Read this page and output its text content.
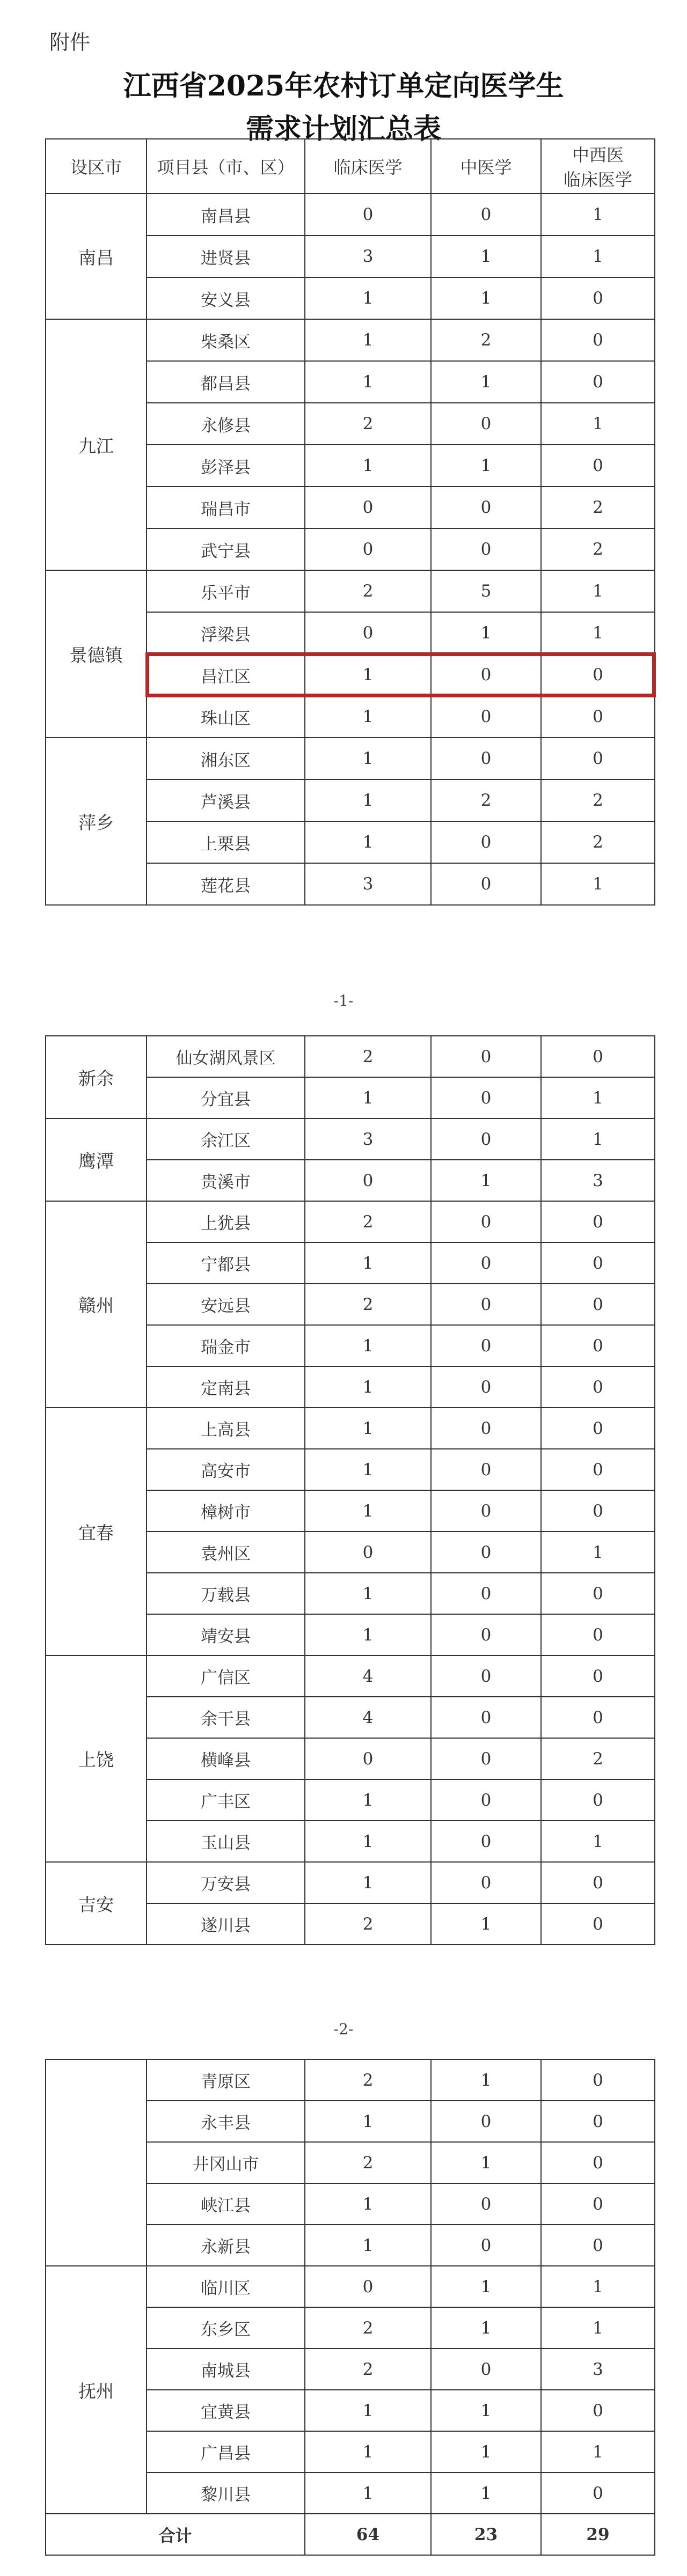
附件
江西省2025年农村订单定向医学生
需求计划汇总表
设区市	项目县（市、区）	临床医学	中医学	中西医
临床医学
南昌	南昌县	0	0	1
	进贤县	3	1	1
	安义县	1	1	0
九江	柴桑区	1	2	0
	都昌县	1	1	0
	永修县	2	0	1
	彭泽县	1	1	0
	瑞昌市	0	0	2
	武宁县	0	0	2
景德镇	乐平市	2	5	1
	浮梁县	0	1	1
	昌江区	1	0	0
	珠山区	1	0	0
萍乡	湘东区	1	0	0
	芦溪县	1	2	2
	上栗县	1	0	2
	莲花县	3	0	1
-1-
新余	仙女湖风景区	2	0	0
	分宜县	1	0	1
鹰潭	余江区	3	0	1
	贵溪市	0	1	3
赣州	上犹县	2	0	0
	宁都县	1	0	0
	安远县	2	0	0
	瑞金市	1	0	0
	定南县	1	0	0
宜春	上高县	1	0	0
	高安市	1	0	0
	樟树市	1	0	0
	袁州区	0	0	1
	万载县	1	0	0
	靖安县	1	0	0
上饶	广信区	4	0	0
	余干县	4	0	0
	横峰县	0	0	2
	广丰区	1	0	0
	玉山县	1	0	1
吉安	万安县	1	0	0
	遂川县	2	1	0
-2-
	青原区	2	1	0
	永丰县	1	0	0
	井冈山市	2	1	0
	峡江县	1	0	0
	永新县	1	0	0
抚州	临川区	0	1	1
	东乡区	2	1	1
	南城县	2	0	3
	宜黄县	1	1	0
	广昌县	1	1	1
	黎川县	1	1	0
合计		64	23	29
